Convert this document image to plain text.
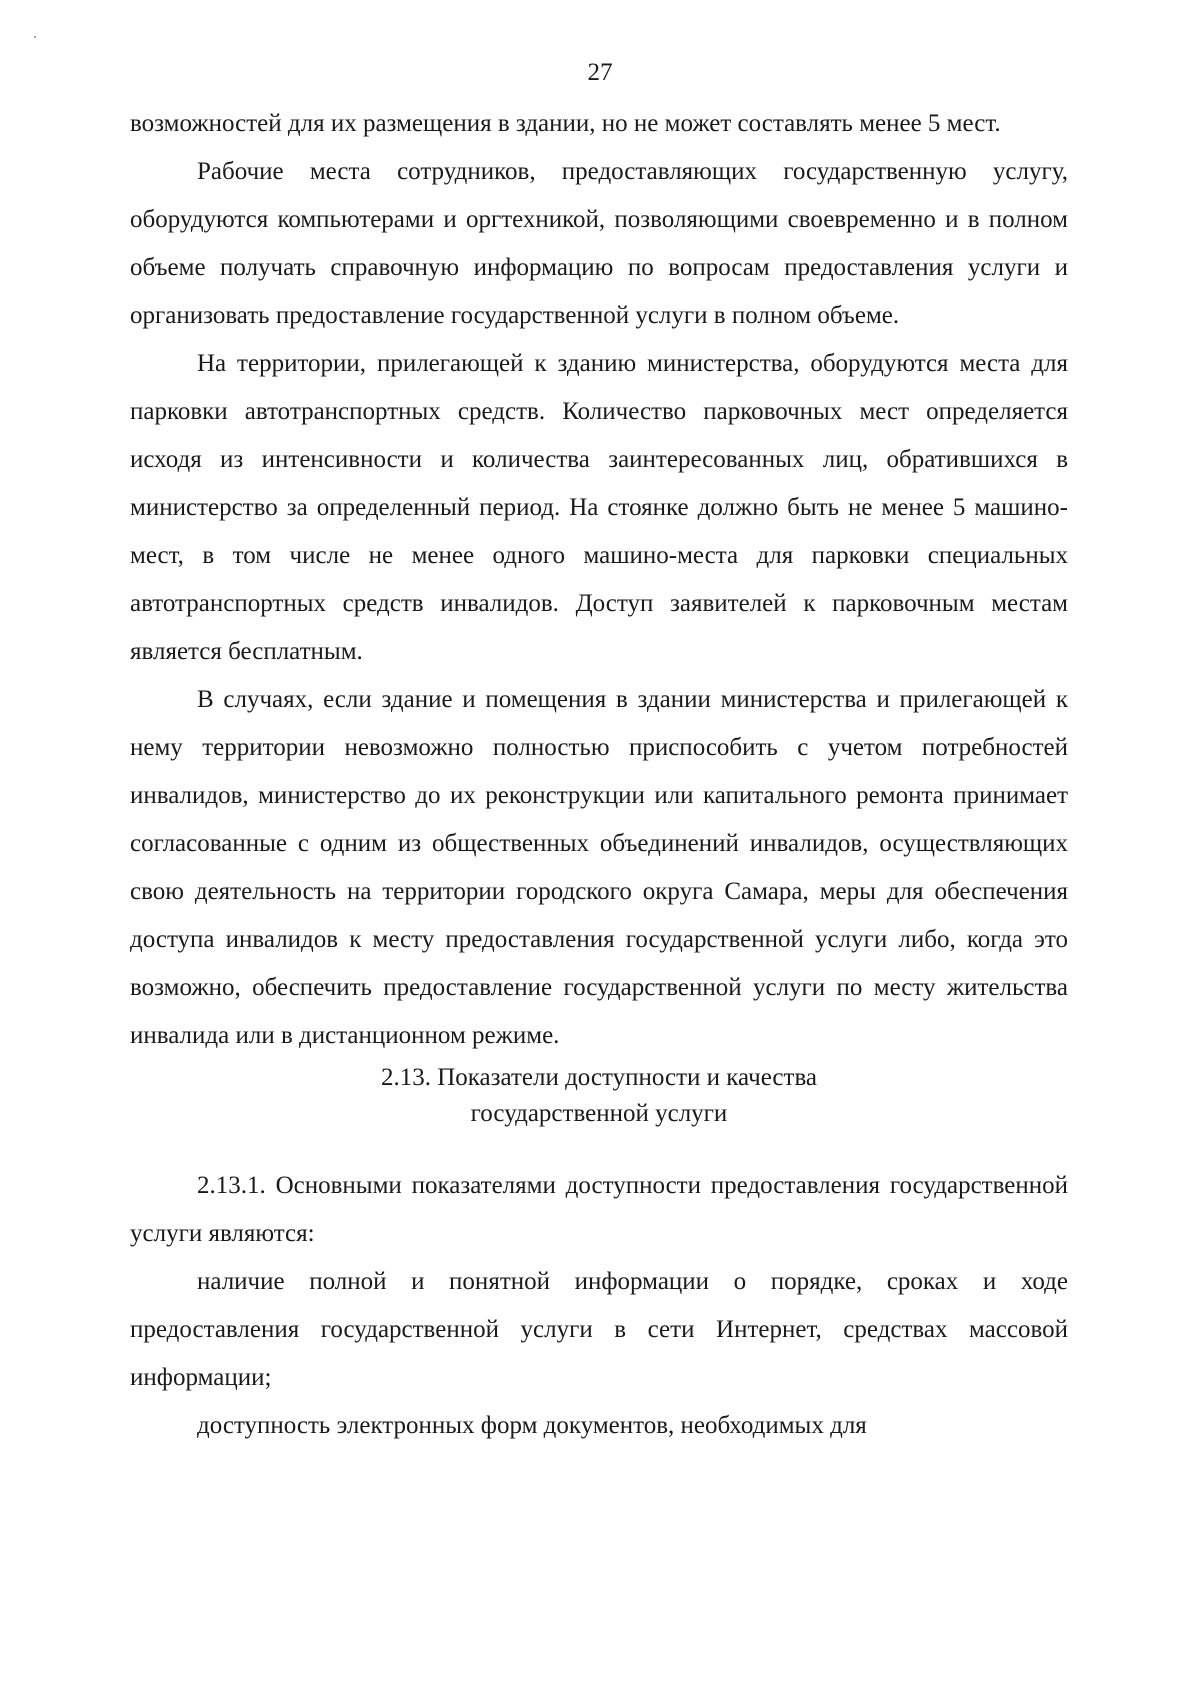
27

возможностей для их размещения в здании, но не может составлять менее 5 мест.

Рабочие места сотрудников, предоставляющих государственную услугу, оборудуются компьютерами и оргтехникой, позволяющими своевременно и в полном объеме получать справочную информацию по вопросам предоставления услуги и организовать предоставление государственной услуги в полном объеме.

На территории, прилегающей к зданию министерства, оборудуются места для парковки автотранспортных средств. Количество парковочных мест определяется исходя из интенсивности и количества заинтересованных лиц, обратившихся в министерство за определенный период. На стоянке должно быть не менее 5 машино-мест, в том числе не менее одного машино-места для парковки специальных автотранспортных средств инвалидов. Доступ заявителей к парковочным местам является бесплатным.

В случаях, если здание и помещения в здании министерства и прилегающей к нему территории невозможно полностью приспособить с учетом потребностей инвалидов, министерство до их реконструкции или капитального ремонта принимает согласованные с одним из общественных объединений инвалидов, осуществляющих свою деятельность на территории городского округа Самара, меры для обеспечения доступа инвалидов к месту предоставления государственной услуги либо, когда это возможно, обеспечить предоставление государственной услуги по месту жительства инвалида или в дистанционном режиме.

2.13. Показатели доступности и качества

государственной услуги

2.13.1. Основными показателями доступности предоставления государственной услуги являются:

наличие полной и понятной информации о порядке, сроках и ходе предоставления государственной услуги в сети Интернет, средствах массовой информации;

доступность электронных форм документов, необходимых для
